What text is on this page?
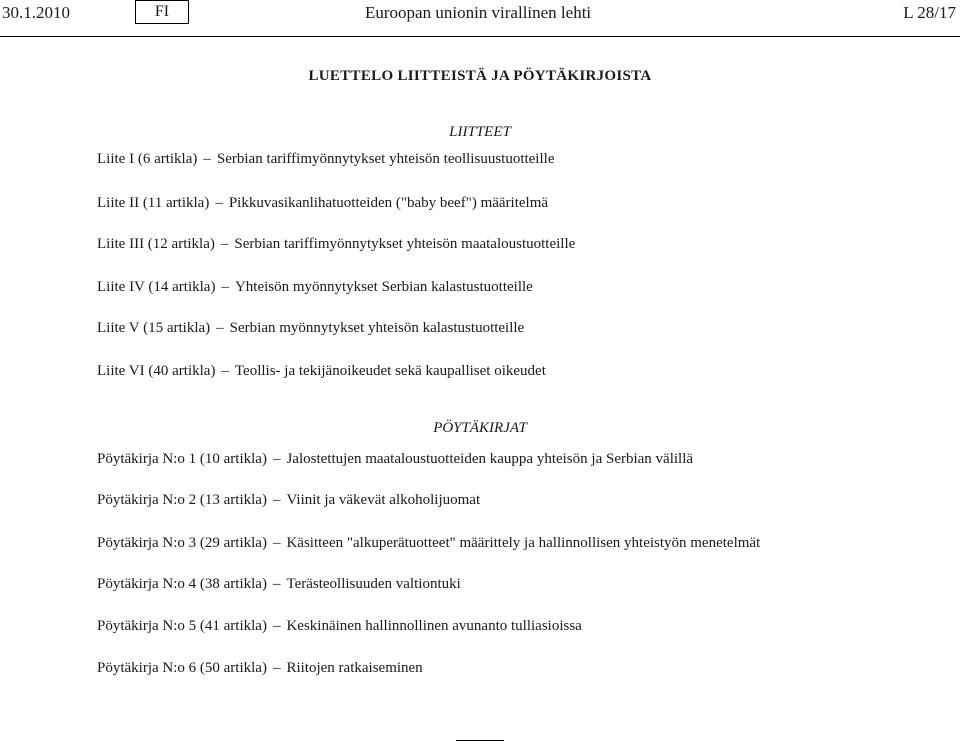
30.1.2010	FI	Euroopan unionin virallinen lehti	L 28/17
LUETTELO LIITTEISTÄ JA PÖYTÄKIRJOISTA
LIITTEET
Liite I (6 artikla) – Serbian tariffimyönnytykset yhteisön teollisuustuotteille
Liite II (11 artikla) – Pikkuvasikanlihatuotteiden ("baby beef") määritelmä
Liite III (12 artikla) – Serbian tariffimyönnytykset yhteisön maataloustuotteille
Liite IV (14 artikla) – Yhteisön myönnytykset Serbian kalastustuotteille
Liite V (15 artikla) – Serbian myönnytykset yhteisön kalastustuotteille
Liite VI (40 artikla) – Teollis- ja tekijänoikeudet sekä kaupalliset oikeudet
PÖYTÄKIRJAT
Pöytäkirja N:o 1 (10 artikla) – Jalostettujen maataloustuotteiden kauppa yhteisön ja Serbian välillä
Pöytäkirja N:o 2 (13 artikla) – Viinit ja väkevät alkoholijuomat
Pöytäkirja N:o 3 (29 artikla) – Käsitteen "alkuperätuotteet" määrittely ja hallinnollisen yhteistyön menetelmät
Pöytäkirja N:o 4 (38 artikla) – Terästeollisuuden valtiontuki
Pöytäkirja N:o 5 (41 artikla) – Keskinäinen hallinnollinen avunanto tulliasioissa
Pöytäkirja N:o 6 (50 artikla) – Riitojen ratkaiseminen
